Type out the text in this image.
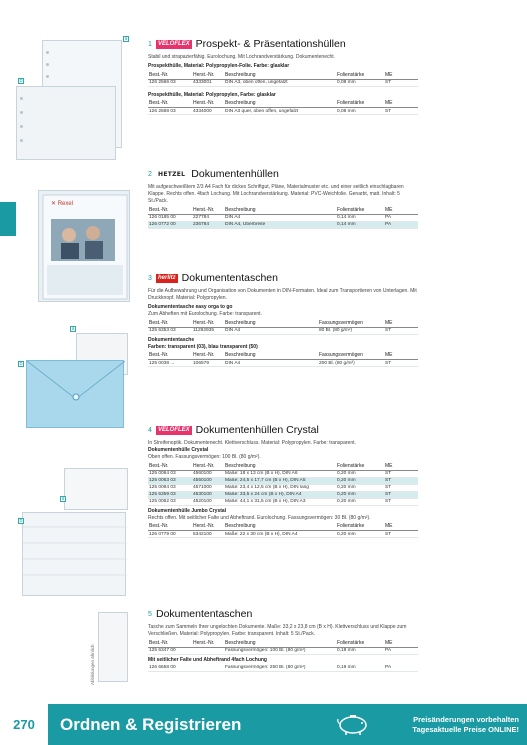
a
b
✕ Rexel
a
b
a
b
Abbildungen ähnlich
1	VELOFLEX Prospekt- & Präsentationshüllen
Stabil und strapazierfähig. Eurolochung. Mit Lochrandverstärkung. Dokumentenecht.
Prospekthülle, Material: Polypropylen-Folie. Farbe: glasklar
Best.-Nr.	Herst.-Nr.	Beschreibung	Folienstärke	ME
126 2566 03	4333001	DIN A3, oben offen, ungefalzt	0,08 mm	ST
Prospekthülle, Material: Polypropylen, Farbe: glasklar
Best.-Nr.	Herst.-Nr.	Beschreibung	Folienstärke	ME
126 2568 03	4334000	DIN A3 quer, oben offen, ungefalzt	0,08 mm	ST
2	HETZEL Dokumentenhüllen
Mit aufgeschweißtem 2/3 A4 Fach für dickes Schriftgut, Pläne, Materialmuster etc. und einer seitlich einschlagbaren Klappe. Rechts offen. 4fach Lochung. Mit Lochrandverstärkung. Material: PVC-Weichfolie. Genarbt, matt. Inhalt: 5 St./Pack.
Best.-Nr.	Herst.-Nr.	Beschreibung	Folienstärke	ME
126 0185 00	227784	DIN A4	0,14 mm	PA
126 0772 00	236784	DIN A4, Überbreite	0,14 mm	PA
3	herlitz Dokumententaschen
Für die Aufbewahrung und Organisation von Dokumenten in DIN-Formaten. Ideal zum Transportieren von Unterlagen. Mit Druckknopf. Material: Polypropylen.
Dokumententasche easy orga to go
Zum Abheften mit Eurolochung. Farbe: transparent.
Best.-Nr.	Herst.-Nr.	Beschreibung	Fassungsvermögen	ME
125 6353 03	11292935	DIN A4	80 Bl. (80 g/m²)	ST
Dokumententasche
Farben: transparent (03), blau transparent (50)
Best.-Nr.	Herst.-Nr.	Beschreibung	Fassungsvermögen	ME
125 0038 ...	106579	DIN A4	200 Bl. (80 g/m²)	ST
4	VELOFLEX Dokumentenhüllen Crystal
In Streifenoptik. Dokumentenecht. Klettverschluss. Material: Polypropylen. Farbe: transparent.
Dokumentenhülle Crystal
Oben offen. Fassungsvermögen: 100 Bl. (80 g/m²).
Best.-Nr.	Herst.-Nr.	Beschreibung	Folienstärke	ME
125 0064 03	4560100	Maße: 18 x 13 cm (B x H), DIN A6	0,20 mm	ST
125 0063 03	4550100	Maße: 24,5 x 17,7 cm (B x H), DIN A5	0,20 mm	ST
125 0084 03	4571000	Maße: 23,4 x 12,5 cm (B x H), DIN lang	0,20 mm	ST
125 6359 03	4530100	Maße: 33,5 x 24 cm (B x H), DIN A4	0,20 mm	ST
125 0062 03	4520100	Maße: 44,1 x 31,5 cm (B x H), DIN A3	0,20 mm	ST
Dokumentenhülle Jumbo Crystal
Rechts offen. Mit seitlicher Falte und Abheftrand. Eurolochung. Fassungsvermögen: 30 Bl. (80 g/m²).
Best.-Nr.	Herst.-Nr.	Beschreibung	Folienstärke	ME
126 0779 00	5342100	Maße: 22 x 30 cm (B x H), DIN A4	0,20 mm	ST
5 Dokumententaschen
Tasche zum Sammeln Ihrer ungelochten Dokumente. Maße: 33,2 x 23,8 cm (B x H). Klettverschluss und Klappe zum Verschließen. Material: Polypropylen. Farbe: transparent. Inhalt: 5 St./Pack.
Best.-Nr.	Herst.-Nr.	Beschreibung	Folienstärke	ME
125 6347 00		Fassungsvermögen: 100 Bl. (80 g/m²)	0,18 mm	PA
Mit seitlicher Falte und Abheftrand 4fach Lochung
126 6658 00		Fassungsvermögen: 250 Bl. (80 g/m²)	0,19 mm	PA
270 Ordnen & Registrieren	Preisänderungen vorbehalten
Tagesaktuelle Preise ONLINE!
